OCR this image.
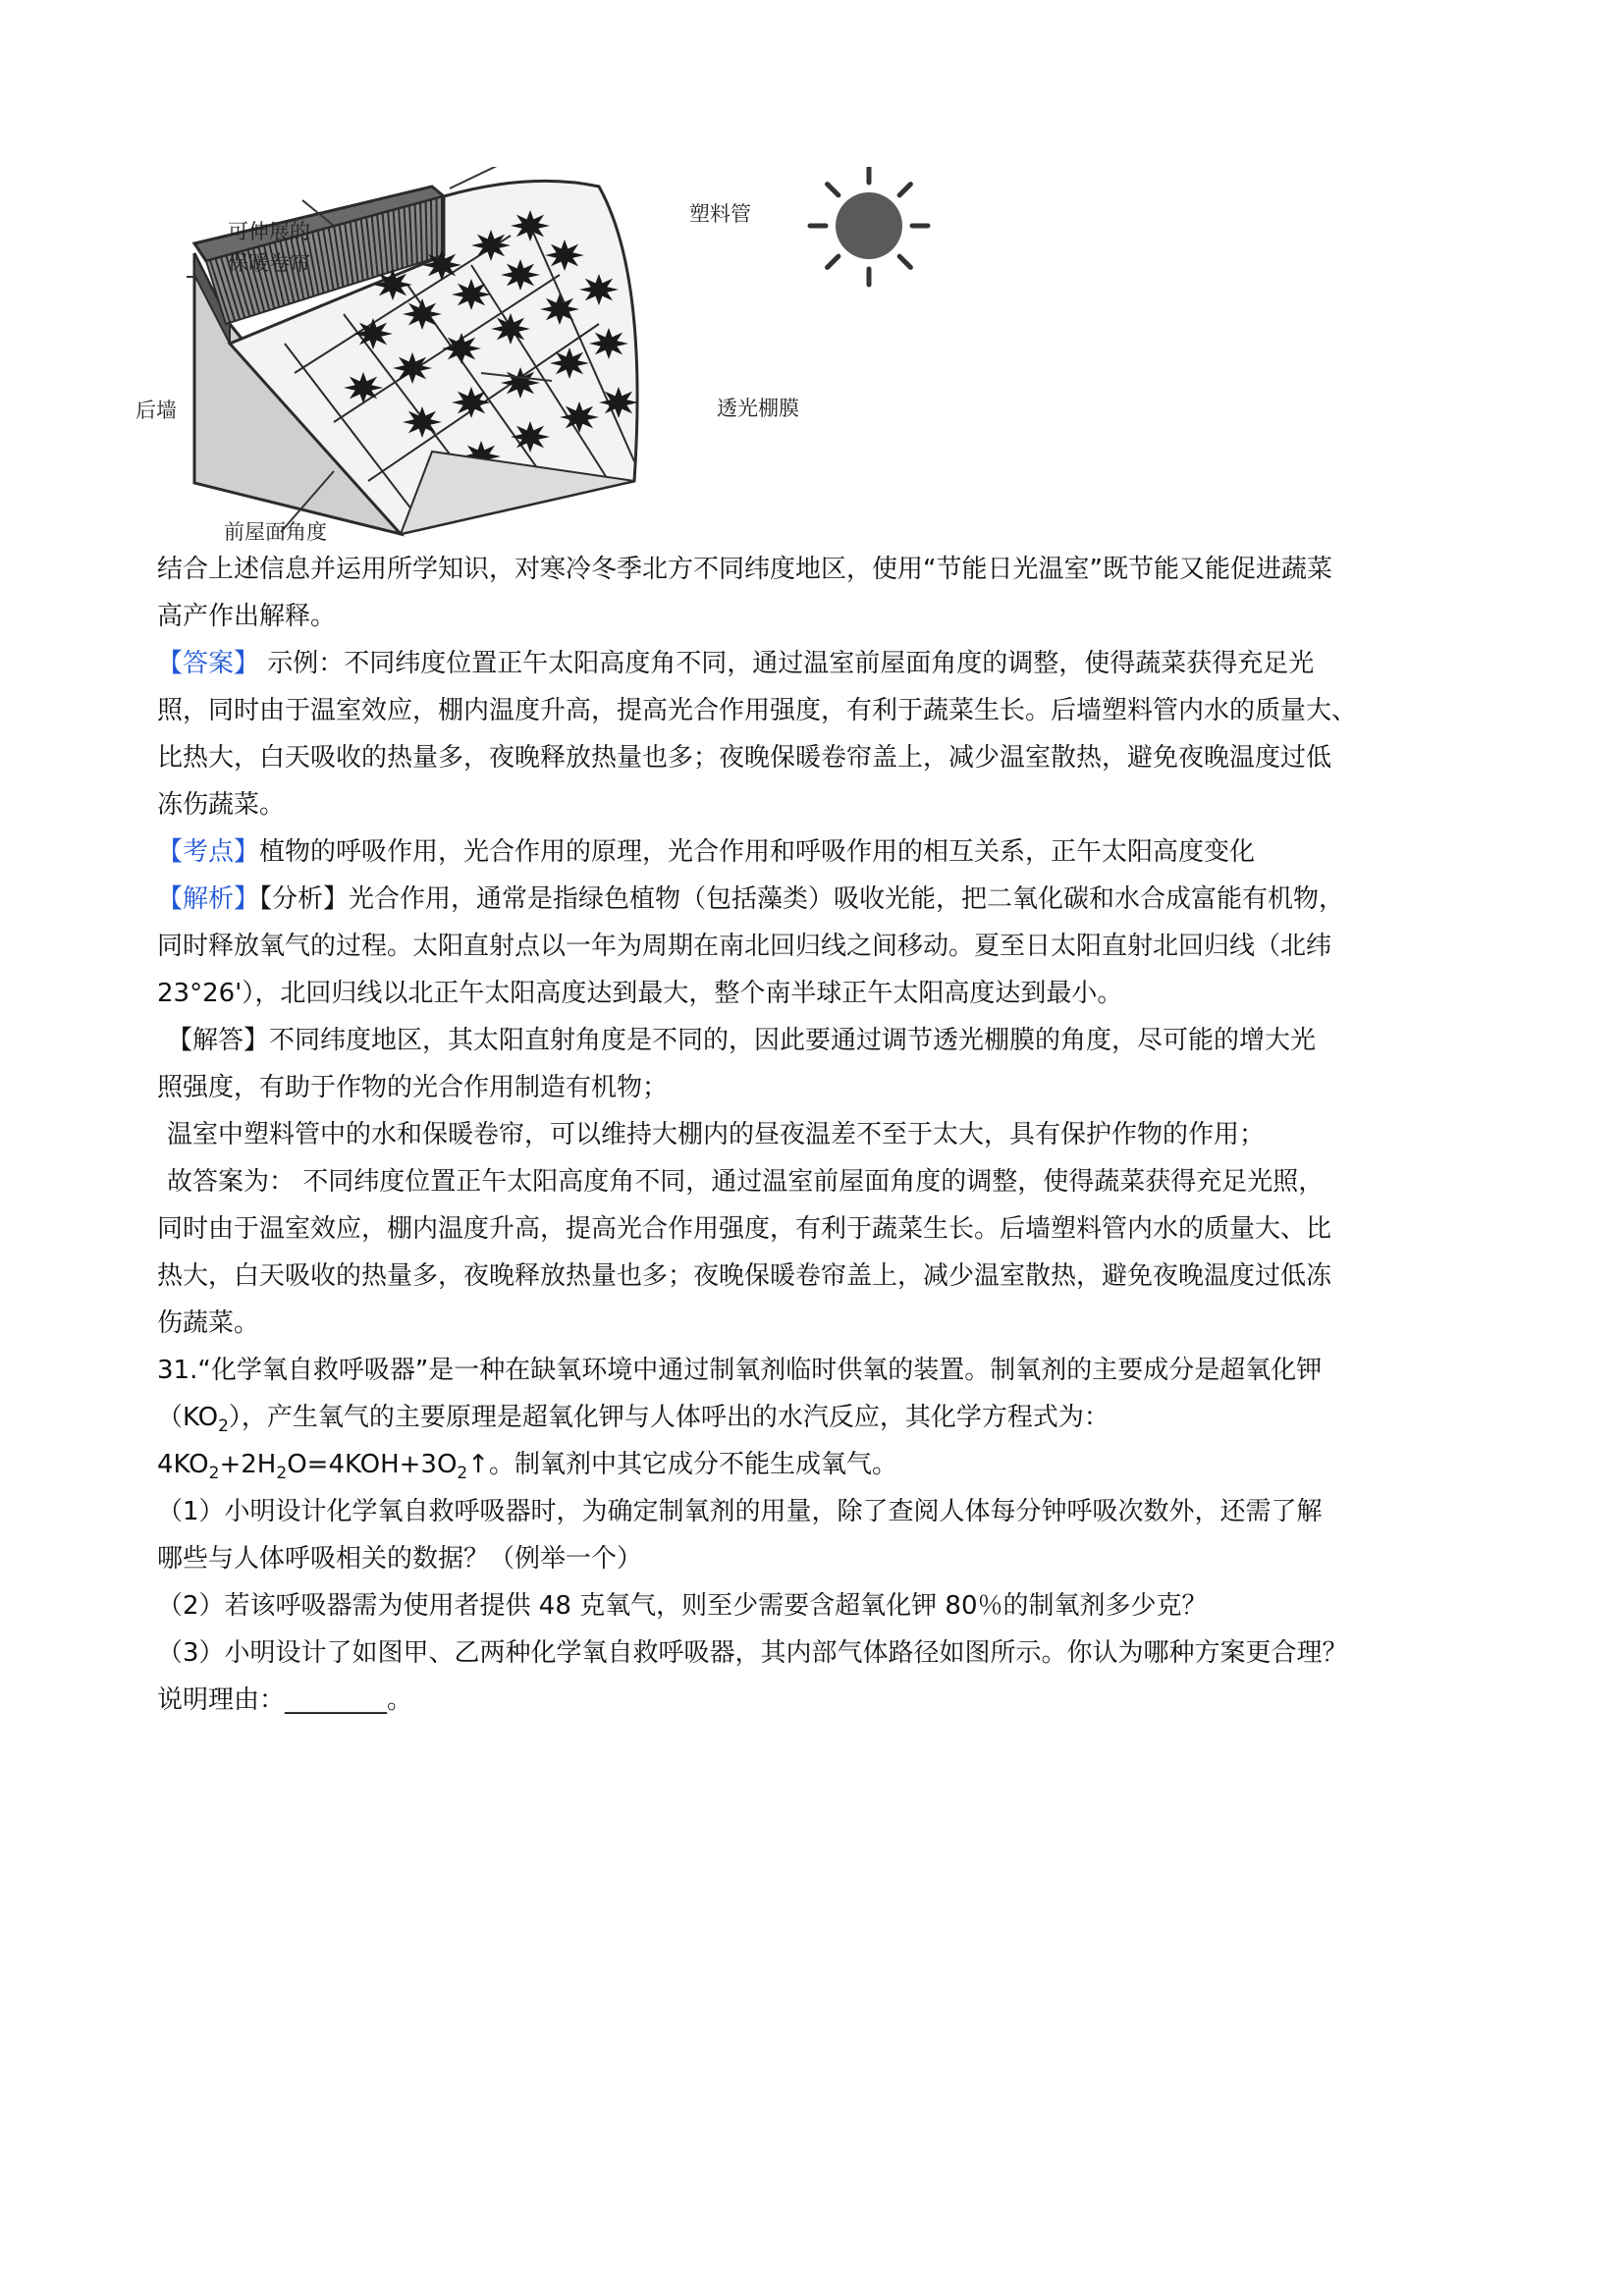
可伸展的
保暖卷帘
塑料管
后墙	透光棚膜
前屋面角度

结合上述信息并运用所学知识，对寒冷冬季北方不同纬度地区，使用“节能日光温室”既节能又能促进蔬菜

高产作出解释。

【答案】 示例：不同纬度位置正午太阳高度角不同，通过温室前屋面角度的调整，使得蔬菜获得充足光

照，同时由于温室效应，棚内温度升高，提高光合作用强度，有利于蔬菜生长。后墙塑料管内水的质量大、

比热大，白天吸收的热量多，夜晚释放热量也多；夜晚保暖卷帘盖上，减少温室散热，避免夜晚温度过低

冻伤蔬菜。

【考点】植物的呼吸作用，光合作用的原理，光合作用和呼吸作用的相互关系，正午太阳高度变化

【解析】【分析】光合作用，通常是指绿色植物（包括藻类）吸收光能，把二氧化碳和水合成富能有机物，

同时释放氧气的过程。太阳直射点以一年为周期在南北回归线之间移动。夏至日太阳直射北回归线（北纬

23°26'），北回归线以北正午太阳高度达到最大，整个南半球正午太阳高度达到最小。

【解答】不同纬度地区，其太阳直射角度是不同的，因此要通过调节透光棚膜的角度，尽可能的增大光

照强度，有助于作物的光合作用制造有机物；

温室中塑料管中的水和保暖卷帘，可以维持大棚内的昼夜温差不至于太大，具有保护作物的作用；

故答案为： 不同纬度位置正午太阳高度角不同，通过温室前屋面角度的调整，使得蔬菜获得充足光照，

同时由于温室效应，棚内温度升高，提高光合作用强度，有利于蔬菜生长。后墙塑料管内水的质量大、比

热大，白天吸收的热量多，夜晚释放热量也多；夜晚保暖卷帘盖上，减少温室散热，避免夜晚温度过低冻

伤蔬菜。

31.“化学氧自救呼吸器”是一种在缺氧环境中通过制氧剂临时供氧的装置。制氧剂的主要成分是超氧化钾

$(KO_2)$，产生氧气的主要原理是超氧化钾与人体呼出的水汽反应，其化学方程式为：

$4KO_2+2H_2O=4KOH+3O_2↑$。制氧剂中其它成分不能生成氧气。

（1）小明设计化学氧自救呼吸器时，为确定制氧剂的用量，除了查阅人体每分钟呼吸次数外，还需了解

哪些与人体呼吸相关的数据？（例举一个）

（2）若该呼吸器需为使用者提供 48 克氧气，则至少需要含超氧化钾 80％的制氧剂多少克？

（3）小明设计了如图甲、乙两种化学氧自救呼吸器，其内部气体路径如图所示。你认为哪种方案更合理？

说明理由：________。
